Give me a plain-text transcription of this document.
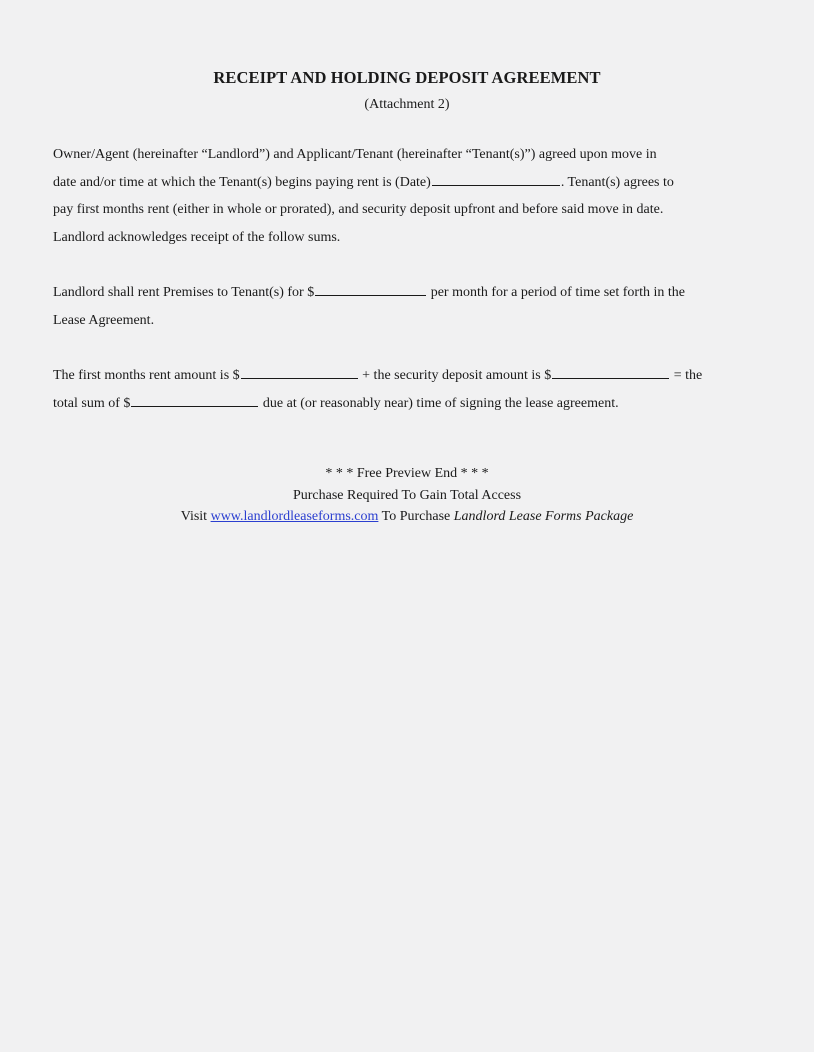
RECEIPT AND HOLDING DEPOSIT AGREEMENT
(Attachment 2)
Owner/Agent (hereinafter “Landlord”) and Applicant/Tenant (hereinafter “Tenant(s)”) agreed upon move in
date and/or time at which the Tenant(s) begins paying rent is (Date)	. Tenant(s) agrees to
pay first months rent (either in whole or prorated), and security deposit upfront and before said move in date.
Landlord acknowledges receipt of the follow sums.
Landlord shall rent Premises to Tenant(s) for $	per month for a period of time set forth in the
Lease Agreement.
The first months rent amount is $	+ the security deposit amount is $	= the
total sum of $	due at (or reasonably near) time of signing the lease agreement.
* * * Free Preview End * * *
Purchase Required To Gain Total Access
Visit www.landlordleaseforms.com To Purchase Landlord Lease Forms Package
